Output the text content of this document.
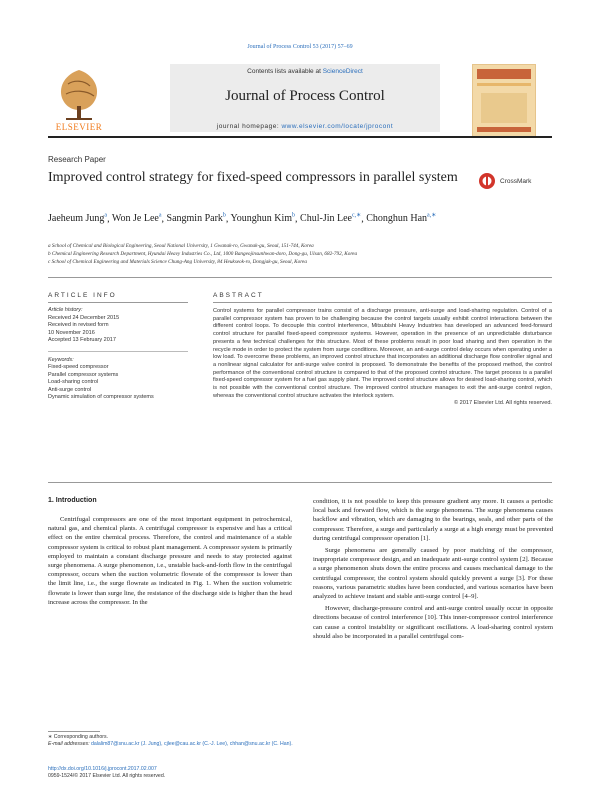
Journal of Process Control 53 (2017) 57–69
ELSEVIER
Contents lists available at ScienceDirect
Journal of Process Control
journal homepage: www.elsevier.com/locate/jprocont
Research Paper
Improved control strategy for fixed-speed compressors in parallel system	CrossMark
Jaeheum Jung$^a$, Won Je Lee$^a$, Sangmin Park$^b$, Younghun Kim$^b$, Chul-Jin Lee$^{c,∗}$, Chonghun Han$^{a,∗}$
a School of Chemical and Biological Engineering, Seoul National University, 1 Gwanak-ro, Gwanak-gu, Seoul, 151-744, Korea
b Chemical Engineering Research Department, Hyundai Heavy Industries Co., Ltd, 1000 Bangeojinsunhwan-doro, Dong-gu, Ulsan, 682-792, Korea
c School of Chemical Engineering and Materials Science Chung-Ang University, 84 Heukseok-ro, Dongjak-gu, Seoul, Korea
ARTICLE INFO
Article history:
Received 24 December 2015
Received in revised form
10 November 2016
Accepted 13 February 2017
Keywords:
Fixed-speed compressor
Parallel compressor systems
Load-sharing control
Anti-surge control
Dynamic simulation of compressor systems
ABSTRACT
Control systems for parallel compressor trains consist of a discharge pressure, anti-surge and load-sharing regulation. Control of a parallel compressor system has proven to be challenging because the control targets usually exhibit control interactions between the different control loops. To decouple this control interference, Mitsubishi Heavy Industries has developed an advanced feed-forward control structure for parallel fixed-speed compressor systems. However, operation in the presence of an unpredictable disturbance presents a few technical challenges for this structure. Most of these problems result in poor load sharing and then operation in the recycle mode in order to protect the system from surge conditions. Moreover, an anti-surge control delay occurs when operating under a low load. To overcome these problems, an improved control structure that incorporates an additional discharge flow controller signal and a nonlinear signal calculator for anti-surge valve control is proposed. To demonstrate the benefits of the proposed method, the control performance of the conventional control structure is compared to that of the proposed control structure. The target process is a parallel fixed-speed compressor system for a fuel gas supply plant. The improved control structure allows for desired load-sharing control, which is not possible with the conventional control structure. The improved control structure manages to exit the anti-surge control region, whereas the conventional control structure activates the interlock system.
© 2017 Elsevier Ltd. All rights reserved.
1. Introduction

Centrifugal compressors are one of the most important equipment in petrochemical, natural gas, and chemical plants. A centrifugal compressor is expensive and has a critical effect on the entire chemical process. Therefore, the control and maintenance of a stable compressor system is critical to robust plant management. A compressor system is primarily employed to maintain a constant discharge pressure and needs to stay protected against surge phenomena. A surge phenomenon, i.e., unstable back-and-forth flow in the centrifugal compressor, occurs when the suction volumetric flowrate of the compressor is lower than the limit line, i.e., the surge flowrate as indicated in Fig. 1. When the suction volumetric flowrate is lower than surge line, the resistance of the discharge side is higher than the head increase across the compressor. In the

condition, it is not possible to keep this pressure gradient any more. It causes a periodic local back and forward flow, which is the surge phenomena. The surge phenomena causes backflow and vibration, which are damaging to the bearings, seals, and other parts of the compressor. Therefore, a surge and particularly a surge at a high energy must be prevented during centrifugal compressor operation [1].

Surge phenomena are generally caused by poor matching of the compressor, inappropriate compressor design, and an inadequate anti-surge control system [2]. Because a surge phenomenon shuts down the entire process and causes mechanical damage to the centrifugal compressor, the control system should quickly prevent a surge [3]. For these reasons, various parametric studies have been conducted, and various scenarios have been analyzed to achieve instant and stable anti-surge control [4–9].

However, discharge-pressure control and anti-surge control usually occur in opposite directions because of control interference [10]. This inner-compressor control interference can cause a control instability or significant oscillations. A load-sharing control system should also be incorporated in a parallel centrifugal com-

∗ Corresponding authors.
E-mail addresses: dalalim87@snu.ac.kr (J. Jung), cjlee@cau.ac.kr (C.-J. Lee), chhan@snu.ac.kr (C. Han).
http://dx.doi.org/10.1016/j.jprocont.2017.02.007
0959-1524/© 2017 Elsevier Ltd. All rights reserved.
